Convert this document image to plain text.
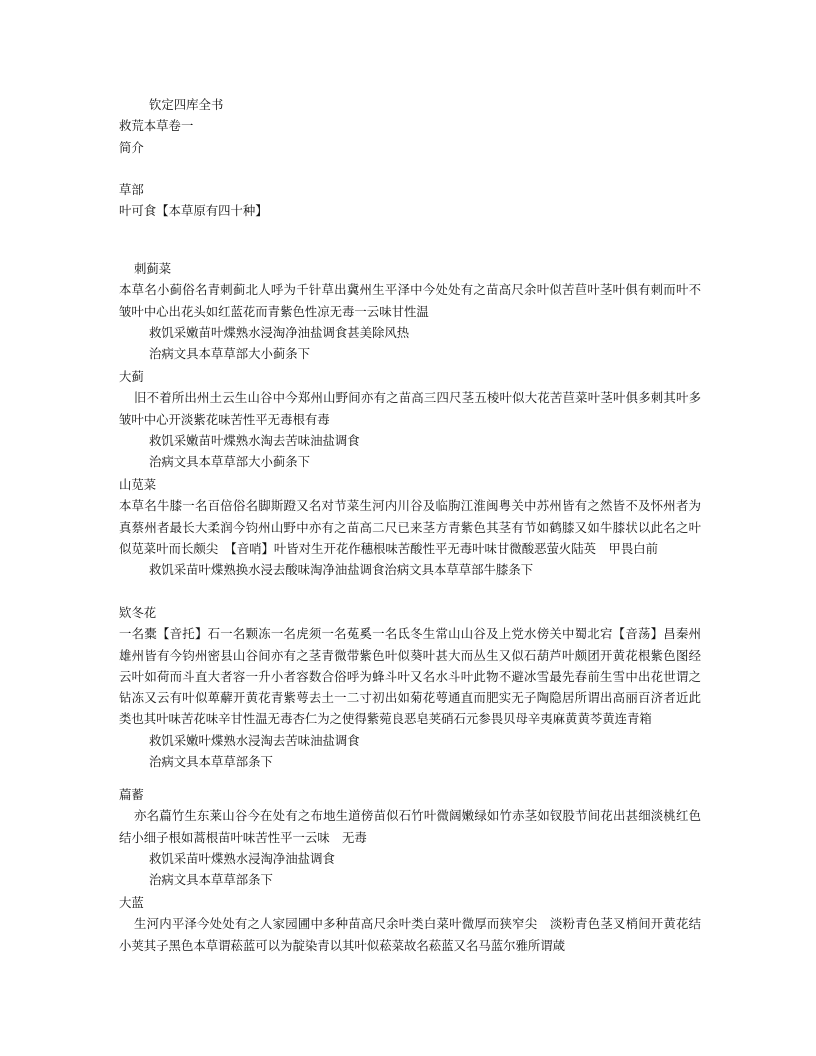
钦定四库全书
救荒本草卷一
简介
草部
叶可食【本草原有四十种】
刺蓟菜

本草名小蓟俗名青刺蓟北人呼为千针草出冀州生平泽中今处处有之苗高尺余叶似苦苣叶茎叶俱有刺而叶不皱叶中心出花头如红蓝花而青紫色性凉无毒一云味甘性温

救饥采嫩苗叶煠熟水浸淘净油盐调食甚美除风热
治病文具本草草部大小蓟条下
大蓟

旧不着所出州土云生山谷中今郑州山野间亦有之苗高三四尺茎五棱叶似大花苦苣菜叶茎叶俱多刺其叶多皱叶中心开淡紫花味苦性平无毒根有毒

救饥采嫩苗叶煠熟水淘去苦味油盐调食
治病文具本草草部大小蓟条下
山苋菜

本草名牛膝一名百倍俗名脚斯蹬又名对节菜生河内川谷及临朐江淮闽粤关中苏州皆有之然皆不及怀州者为真蔡州者最长大柔润今钧州山野中亦有之苗高二尺已来茎方青紫色其茎有节如鹤膝又如牛膝状以此名之叶似苋菜叶而长颇尖　【音哨】叶皆对生开花作穗根味苦酸性平无毒叶味甘微酸恶萤火陆英　甲畏白前

救饥采苗叶煠熟换水浸去酸味淘净油盐调食治病文具本草草部牛膝条下
欵冬花

一名橐【音托】石一名颗冻一名虎须一名菟奚一名氐冬生常山山谷及上党水傍关中蜀北宕【音荡】昌秦州雄州皆有今钧州密县山谷间亦有之茎青微带紫色叶似葵叶甚大而丛生又似石葫芦叶颇团开黄花根紫色图经云叶如荷而斗直大者容一升小者容数合俗呼为蜂斗叶又名水斗叶此物不避冰雪最先春前生雪中出花世谓之钻冻又云有叶似萆薢开黄花青紫萼去土一二寸初出如菊花萼通直而肥实无子陶隐居所谓出高丽百济者近此类也其叶味苦花味辛甘性温无毒杏仁为之使得紫菀良恶皂荚硝石元参畏贝母辛夷麻黄黄芩黄连青箱

救饥采嫩叶煠熟水浸淘去苦味油盐调食
治病文具本草草部条下
萹蓄

亦名萹竹生东莱山谷今在处有之布地生道傍苗似石竹叶微阔嫩绿如竹赤茎如钗股节间花出甚细淡桃红色结小细子根如蒿根苗叶味苦性平一云味　无毒

救饥采苗叶煠熟水浸淘净油盐调食
治病文具本草草部条下
大蓝

生河内平泽今处处有之人家园圃中多种苗高尺余叶类白菜叶微厚而狭窄尖　淡粉青色茎叉梢间开黄花结小荚其子黑色本草谓菘蓝可以为靛染青以其叶似菘菜故名菘蓝又名马蓝尔雅所谓葴
